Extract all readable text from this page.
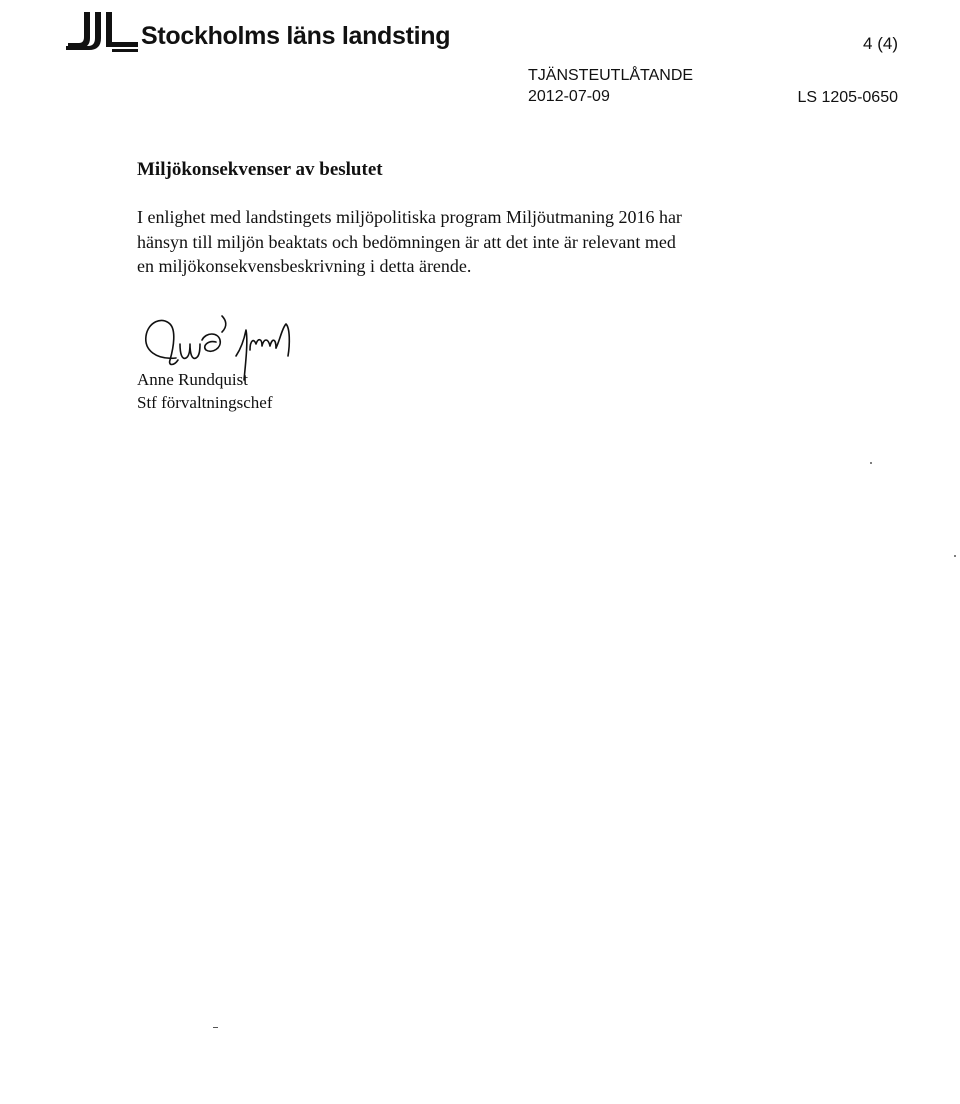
Stockholms läns landsting	4 (4)
TJÄNSTEUTLÅTANDE
2012-07-09	LS 1205-0650
Miljökonsekvenser av beslutet
I enlighet med landstingets miljöpolitiska program Miljöutmaning 2016 har
hänsyn till miljön beaktats och bedömningen är att det inte är relevant med
en miljökonsekvensbeskrivning i detta ärende.
Anne Rundquist
Stf förvaltningschef
